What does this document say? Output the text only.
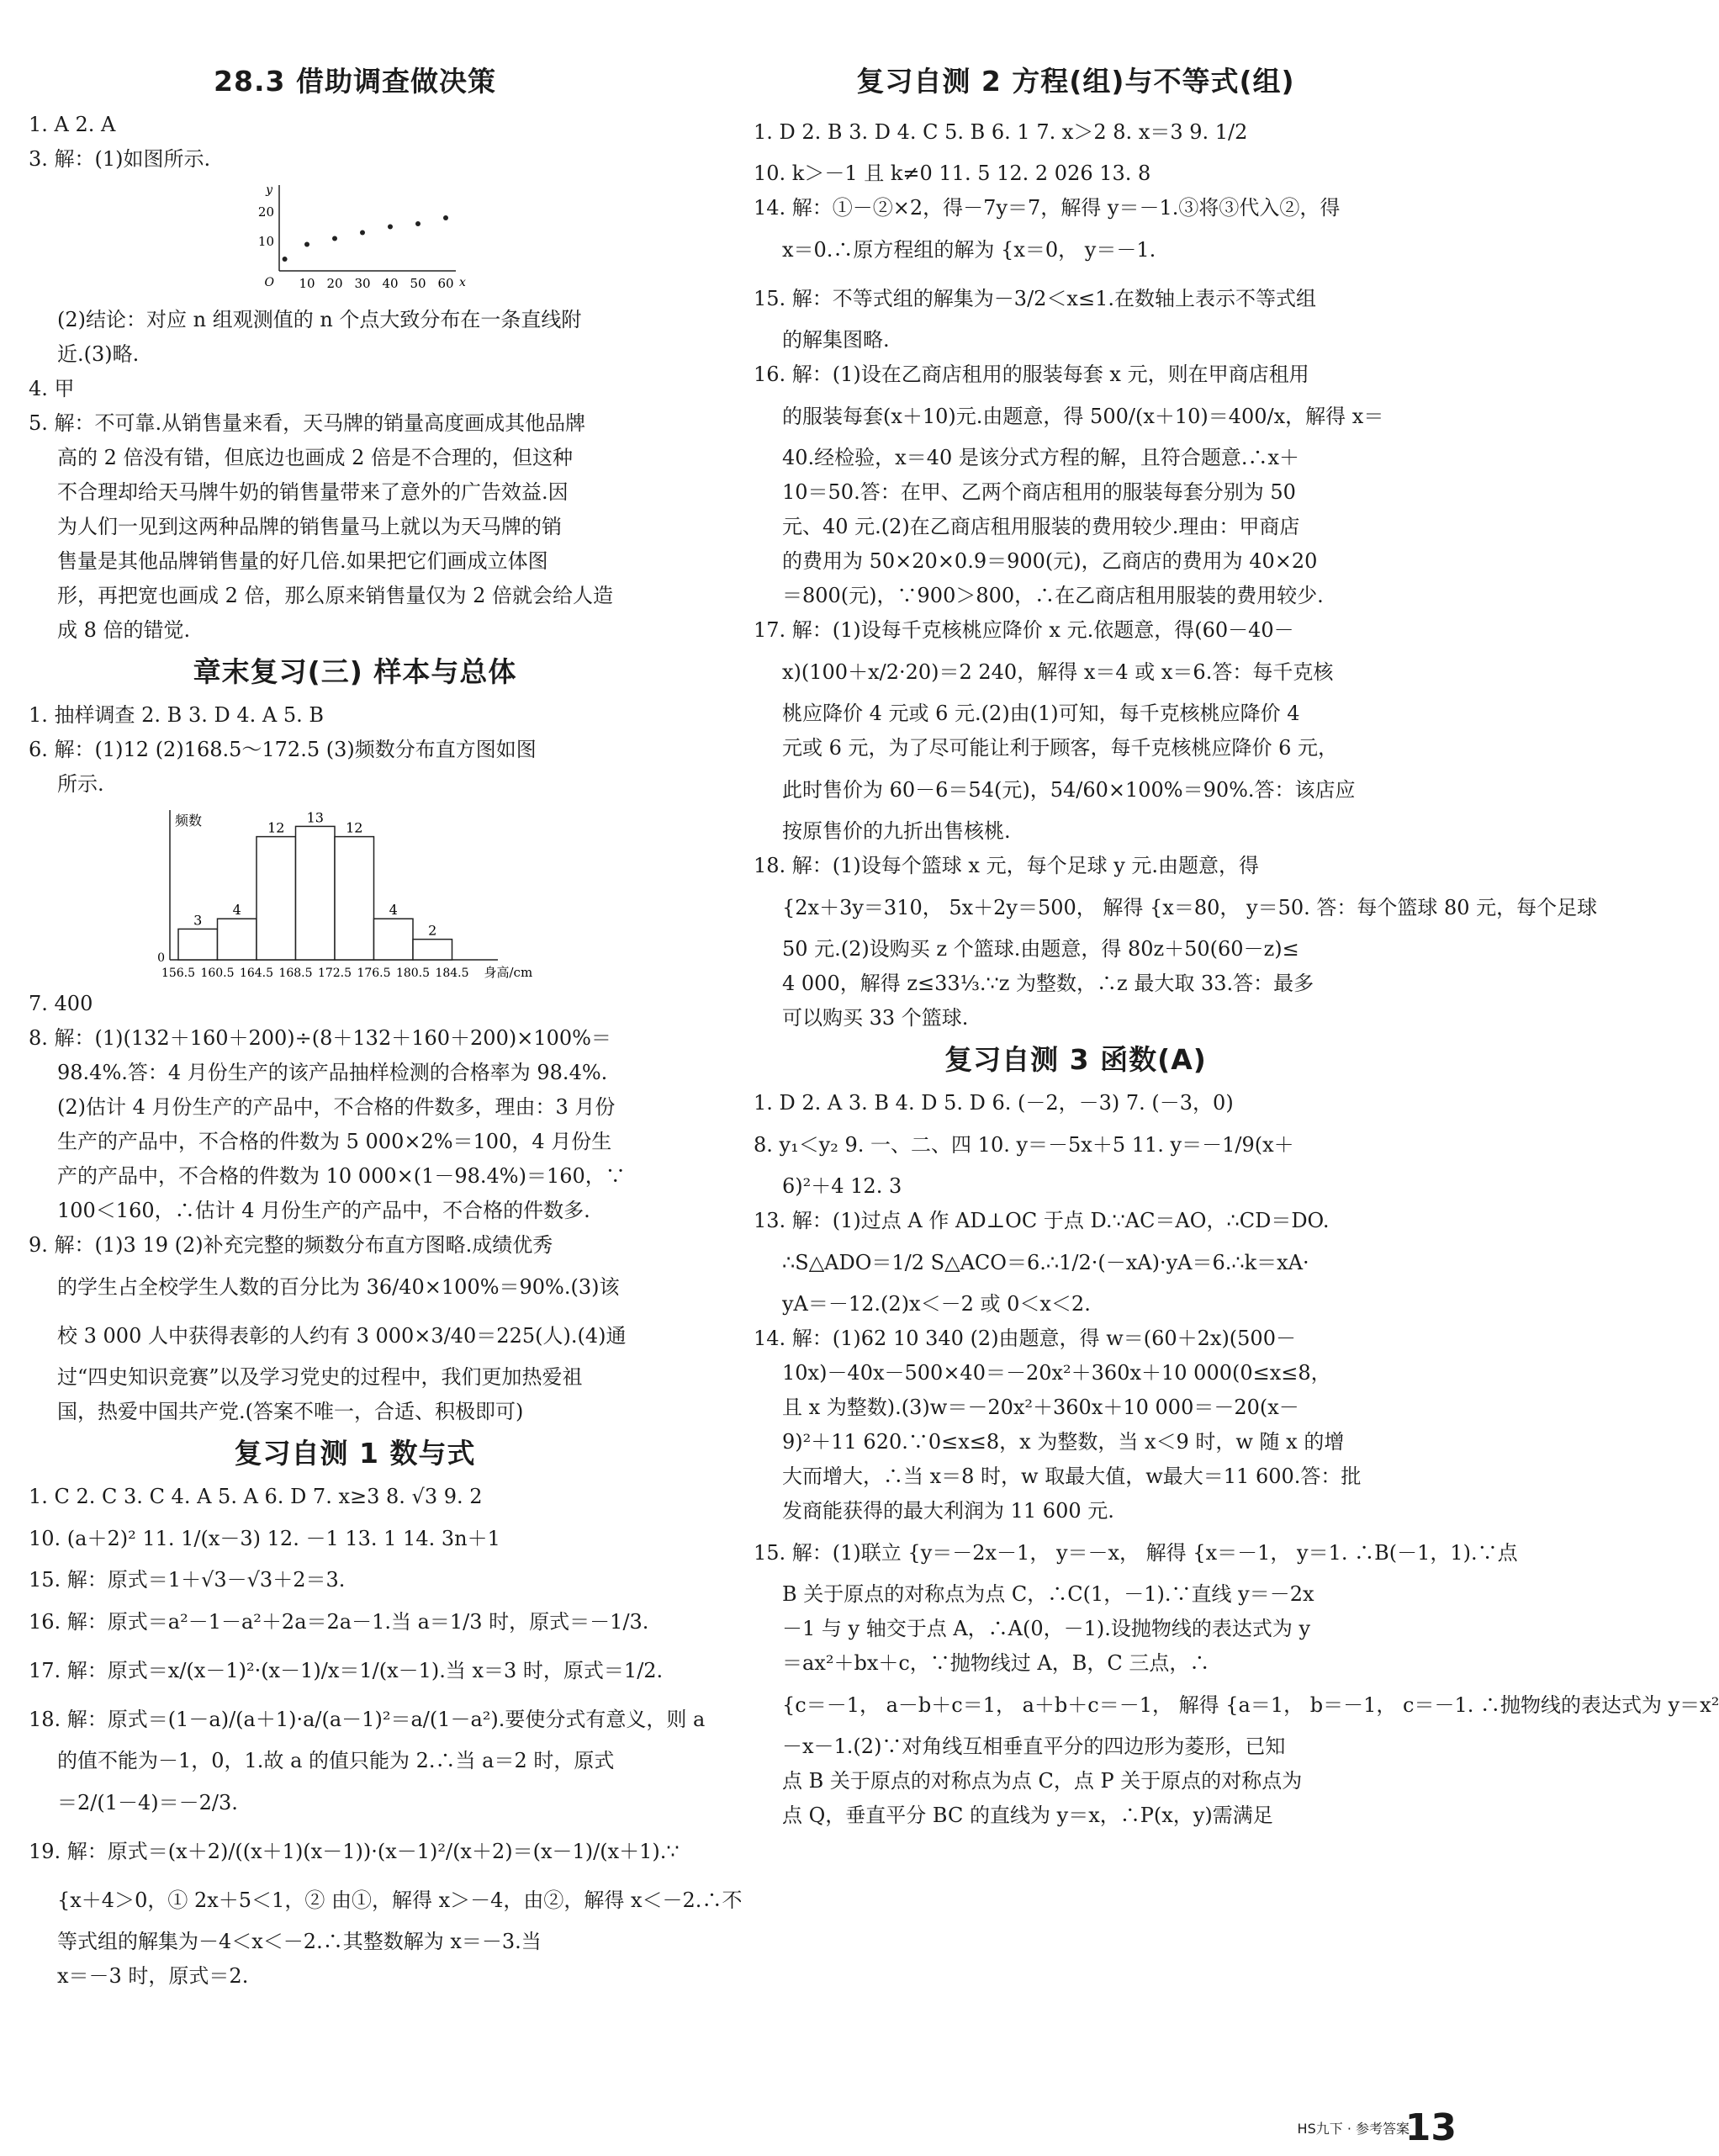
28.3 借助调查做决策
1. A 2. A
3. 解：(1)如图所示.
y
x
O
20
10
10 20 30 40 50 60
(2)结论：对应 n 组观测值的 n 个点大致分布在一条直线附
近.(3)略.
4. 甲
5. 解：不可靠.从销售量来看，天马牌的销量高度画成其他品牌
高的 2 倍没有错，但底边也画成 2 倍是不合理的，但这种
不合理却给天马牌牛奶的销售量带来了意外的广告效益.因
为人们一见到这两种品牌的销售量马上就以为天马牌的销
售量是其他品牌销售量的好几倍.如果把它们画成立体图
形，再把宽也画成 2 倍，那么原来销售量仅为 2 倍就会给人造
成 8 倍的错觉.
章末复习(三) 样本与总体
1. 抽样调查 2. B 3. D 4. A 5. B
6. 解：(1)12 (2)168.5～172.5 (3)频数分布直方图如图
所示.
频数
身高/cm
0
3
4
12
13
12
4
2
156.5 160.5 164.5 168.5 172.5 176.5 180.5 184.5
7. 400
8. 解：(1)(132＋160＋200)÷(8＋132＋160＋200)×100%＝
98.4%.答：4 月份生产的该产品抽样检测的合格率为 98.4%.
(2)估计 4 月份生产的产品中，不合格的件数多，理由：3 月份
生产的产品中，不合格的件数为 5 000×2%＝100，4 月份生
产的产品中，不合格的件数为 10 000×(1－98.4%)＝160，∵
100＜160，∴估计 4 月份生产的产品中，不合格的件数多.
9. 解：(1)3 19 (2)补充完整的频数分布直方图略.成绩优秀
的学生占全校学生人数的百分比为 36/40×100%＝90%.(3)该
校 3 000 人中获得表彰的人约有 3 000×3/40＝225(人).(4)通
过“四史知识竞赛”以及学习党史的过程中，我们更加热爱祖
国，热爱中国共产党.(答案不唯一，合适、积极即可)
复习自测 1 数与式
1. C 2. C 3. C 4. A 5. A 6. D 7. x≥3 8. √3 9. 2
10. (a＋2)² 11. 1/(x－3) 12. －1 13. 1 14. 3n＋1
15. 解：原式＝1＋√3－√3＋2＝3.
16. 解：原式＝a²－1－a²＋2a＝2a－1.当 a＝1/3 时，原式＝－1/3.
17. 解：原式＝x/(x－1)²·(x－1)/x＝1/(x－1).当 x＝3 时，原式＝1/2.
18. 解：原式＝(1－a)/(a＋1)·a/(a－1)²＝a/(1－a²).要使分式有意义，则 a
的值不能为－1，0，1.故 a 的值只能为 2.∴当 a＝2 时，原式
＝2/(1－4)＝－2/3.
19. 解：原式＝(x＋2)/((x＋1)(x－1))·(x－1)²/(x＋2)＝(x－1)/(x＋1).∵
{x＋4＞0，① 2x＋5＜1，② 由①，解得 x＞－4，由②，解得 x＜－2.∴不
等式组的解集为－4＜x＜－2.∴其整数解为 x＝－3.当
x＝－3 时，原式＝2.
复习自测 2 方程(组)与不等式(组)
1. D 2. B 3. D 4. C 5. B 6. 1 7. x＞2 8. x＝3 9. 1/2
10. k＞－1 且 k≠0 11. 5 12. 2 026 13. 8
14. 解：①－②×2，得－7y＝7，解得 y＝－1.③将③代入②，得
x＝0.∴原方程组的解为 {x＝0， y＝－1.
15. 解：不等式组的解集为－3/2＜x≤1.在数轴上表示不等式组
的解集图略.
16. 解：(1)设在乙商店租用的服装每套 x 元，则在甲商店租用
的服装每套(x＋10)元.由题意，得 500/(x＋10)＝400/x，解得 x＝
40.经检验，x＝40 是该分式方程的解，且符合题意.∴x＋
10＝50.答：在甲、乙两个商店租用的服装每套分别为 50
元、40 元.(2)在乙商店租用服装的费用较少.理由：甲商店
的费用为 50×20×0.9＝900(元)，乙商店的费用为 40×20
＝800(元)，∵900＞800，∴在乙商店租用服装的费用较少.
17. 解：(1)设每千克核桃应降价 x 元.依题意，得(60－40－
x)(100＋x/2·20)＝2 240，解得 x＝4 或 x＝6.答：每千克核
桃应降价 4 元或 6 元.(2)由(1)可知，每千克核桃应降价 4
元或 6 元，为了尽可能让利于顾客，每千克核桃应降价 6 元，
此时售价为 60－6＝54(元)，54/60×100%＝90%.答：该店应
按原售价的九折出售核桃.
18. 解：(1)设每个篮球 x 元，每个足球 y 元.由题意，得
{2x＋3y＝310， 5x＋2y＝500， 解得 {x＝80， y＝50. 答：每个篮球 80 元，每个足球
50 元.(2)设购买 z 个篮球.由题意，得 80z＋50(60－z)≤
4 000，解得 z≤33⅓.∵z 为整数，∴z 最大取 33.答：最多
可以购买 33 个篮球.
复习自测 3 函数(A)
1. D 2. A 3. B 4. D 5. D 6. (－2，－3) 7. (－3，0)
8. y₁＜y₂ 9. 一、二、四 10. y＝－5x＋5 11. y＝－1/9(x＋
6)²＋4 12. 3
13. 解：(1)过点 A 作 AD⊥OC 于点 D.∵AC＝AO，∴CD＝DO.
∴S△ADO＝1/2 S△ACO＝6.∴1/2·(－xA)·yA＝6.∴k＝xA·
yA＝－12.(2)x＜－2 或 0＜x＜2.
14. 解：(1)62 10 340 (2)由题意，得 w＝(60＋2x)(500－
10x)－40x－500×40＝－20x²＋360x＋10 000(0≤x≤8，
且 x 为整数).(3)w＝－20x²＋360x＋10 000＝－20(x－
9)²＋11 620.∵0≤x≤8，x 为整数，当 x＜9 时，w 随 x 的增
大而增大，∴当 x＝8 时，w 取最大值，w最大＝11 600.答：批
发商能获得的最大利润为 11 600 元.
15. 解：(1)联立 {y＝－2x－1， y＝－x， 解得 {x＝－1， y＝1. ∴B(－1，1).∵点
B 关于原点的对称点为点 C，∴C(1，－1).∵直线 y＝－2x
－1 与 y 轴交于点 A，∴A(0，－1).设抛物线的表达式为 y
＝ax²＋bx＋c，∵抛物线过 A，B，C 三点，∴
{c＝－1， a－b＋c＝1， a＋b＋c＝－1， 解得 {a＝1， b＝－1， c＝－1. ∴抛物线的表达式为 y＝x²
－x－1.(2)∵对角线互相垂直平分的四边形为菱形，已知
点 B 关于原点的对称点为点 C，点 P 关于原点的对称点为
点 Q，垂直平分 BC 的直线为 y＝x，∴P(x，y)需满足
HS九下 · 参考答案
13
